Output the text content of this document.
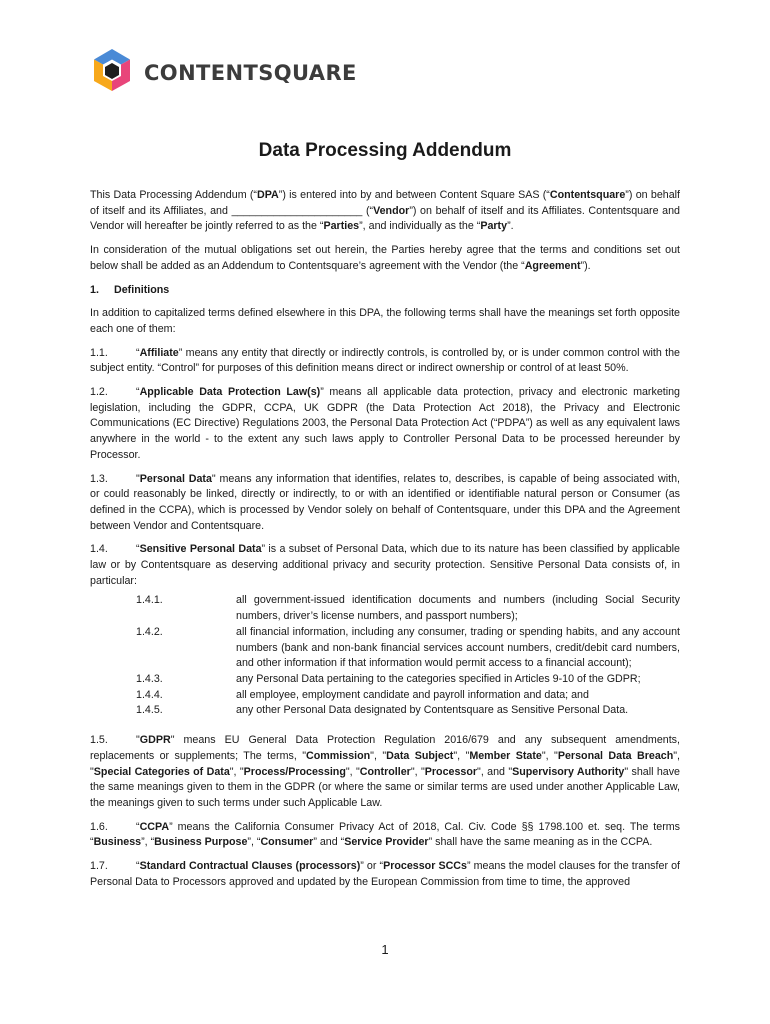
CONTENTSQUARE
Data Processing Addendum

This Data Processing Addendum (“DPA”) is entered into by and between Content Square SAS (“Contentsquare”) on behalf of itself and its Affiliates, and ______________________ (“Vendor”) on behalf of itself and its Affiliates. Contentsquare and Vendor will hereafter be jointly referred to as the “Parties”, and individually as the “Party”.

In consideration of the mutual obligations set out herein, the Parties hereby agree that the terms and conditions set out below shall be added as an Addendum to Contentsquare’s agreement with the Vendor (the “Agreement”).

1. Definitions

In addition to capitalized terms defined elsewhere in this DPA, the following terms shall have the meanings set forth opposite each one of them:

1.1.	“Affiliate” means any entity that directly or indirectly controls, is controlled by, or is under common control with the subject entity. “Control” for purposes of this definition means direct or indirect ownership or control of at least 50%.

1.2.	“Applicable Data Protection Law(s)” means all applicable data protection, privacy and electronic marketing legislation, including the GDPR, CCPA, UK GDPR (the Data Protection Act 2018), the Privacy and Electronic Communications (EC Directive) Regulations 2003, the Personal Data Protection Act (“PDPA”) as well as any equivalent laws anywhere in the world - to the extent any such laws apply to Controller Personal Data to be processed hereunder by Processor.

1.3.	"Personal Data" means any information that identifies, relates to, describes, is capable of being associated with, or could reasonably be linked, directly or indirectly, to or with an identified or identifiable natural person or Consumer (as defined in the CCPA), which is processed by Vendor solely on behalf of Contentsquare, under this DPA and the Agreement between Vendor and Contentsquare.

1.4.	“Sensitive Personal Data” is a subset of Personal Data, which due to its nature has been classified by applicable law or by Contentsquare as deserving additional privacy and security protection. Sensitive Personal Data consists of, in particular:

1.4.1.	all government-issued identification documents and numbers (including Social Security numbers, driver’s license numbers, and passport numbers);
1.4.2.	all financial information, including any consumer, trading or spending habits, and any account numbers (bank and non-bank financial services account numbers, credit/debit card numbers, and other information if that information would permit access to a financial account);
1.4.3.	any Personal Data pertaining to the categories specified in Articles 9-10 of the GDPR;
1.4.4.	all employee, employment candidate and payroll information and data; and
1.4.5.	any other Personal Data designated by Contentsquare as Sensitive Personal Data.

1.5.	"GDPR" means EU General Data Protection Regulation 2016/679 and any subsequent amendments, replacements or supplements; The terms, "Commission", "Data Subject", "Member State", "Personal Data Breach", "Special Categories of Data", "Process/Processing", "Controller", "Processor", and "Supervisory Authority" shall have the same meanings given to them in the GDPR (or where the same or similar terms are used under another Applicable Law, the meanings given to such terms under such Applicable Law.

1.6.	“CCPA” means the California Consumer Privacy Act of 2018, Cal. Civ. Code §§ 1798.100 et. seq. The terms “Business”, “Business Purpose”, “Consumer” and “Service Provider” shall have the same meaning as in the CCPA.

1.7.	“Standard Contractual Clauses (processors)” or “Processor SCCs” means the model clauses for the transfer of Personal Data to Processors approved and updated by the European Commission from time to time, the approved

1
